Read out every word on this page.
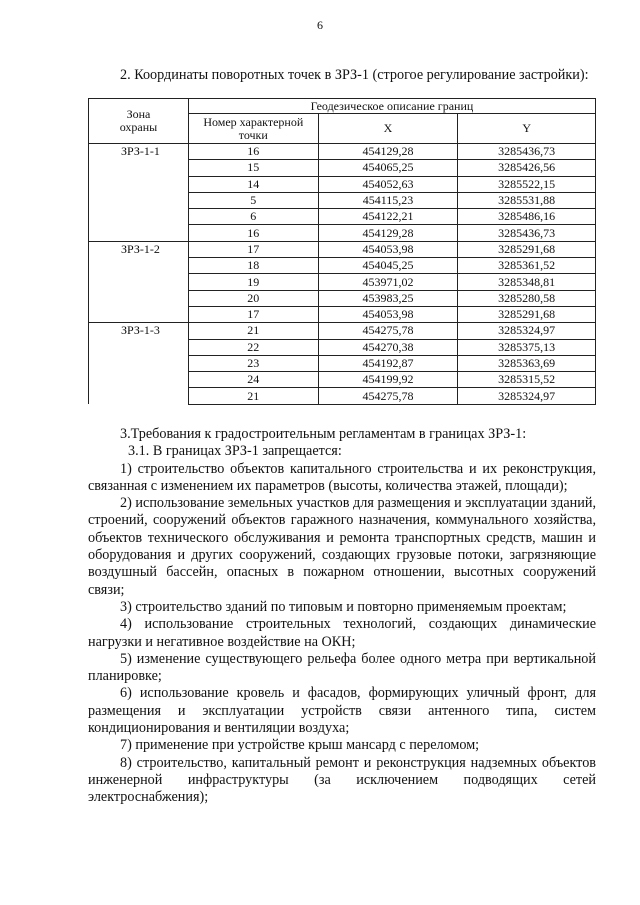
6
2. Координаты поворотных точек в ЗРЗ-1 (строгое регулирование застройки):
Зона охраны	Геодезическое описание границ		
	Номер характерной точки	X	Y
ЗРЗ-1-1	16	454129,28	3285436,73
	15	454065,25	3285426,56
	14	454052,63	3285522,15
	5	454115,23	3285531,88
	6	454122,21	3285486,16
	16	454129,28	3285436,73
ЗРЗ-1-2	17	454053,98	3285291,68
	18	454045,25	3285361,52
	19	453971,02	3285348,81
	20	453983,25	3285280,58
	17	454053,98	3285291,68
ЗРЗ-1-3	21	454275,78	3285324,97
	22	454270,38	3285375,13
	23	454192,87	3285363,69
	24	454199,92	3285315,52
	21	454275,78	3285324,97

3.Требования к градостроительным регламентам в границах ЗРЗ-1:

3.1. В границах ЗРЗ-1 запрещается:

1) строительство объектов капитального строительства и их реконструкция, связанная с изменением их параметров (высоты, количества этажей, площади);

2) использование земельных участков для размещения и эксплуатации зданий, строений, сооружений объектов гаражного назначения, коммунального хозяйства, объектов технического обслуживания и ремонта транспортных средств, машин и оборудования и других сооружений, создающих грузовые потоки, загрязняющие воздушный бассейн, опасных в пожарном отношении, высотных сооружений связи;

3) строительство зданий по типовым и повторно применяемым проектам;

4) использование строительных технологий, создающих динамические нагрузки и негативное воздействие на ОКН;

5) изменение существующего рельефа более одного метра при вертикальной планировке;

6) использование кровель и фасадов, формирующих уличный фронт, для размещения и эксплуатации устройств связи антенного типа, систем кондиционирования и вентиляции воздуха;

7) применение при устройстве крыш мансард с переломом;

8) строительство, капитальный ремонт и реконструкция надземных объектов инженерной инфраструктуры (за исключением подводящих сетей электроснабжения);
